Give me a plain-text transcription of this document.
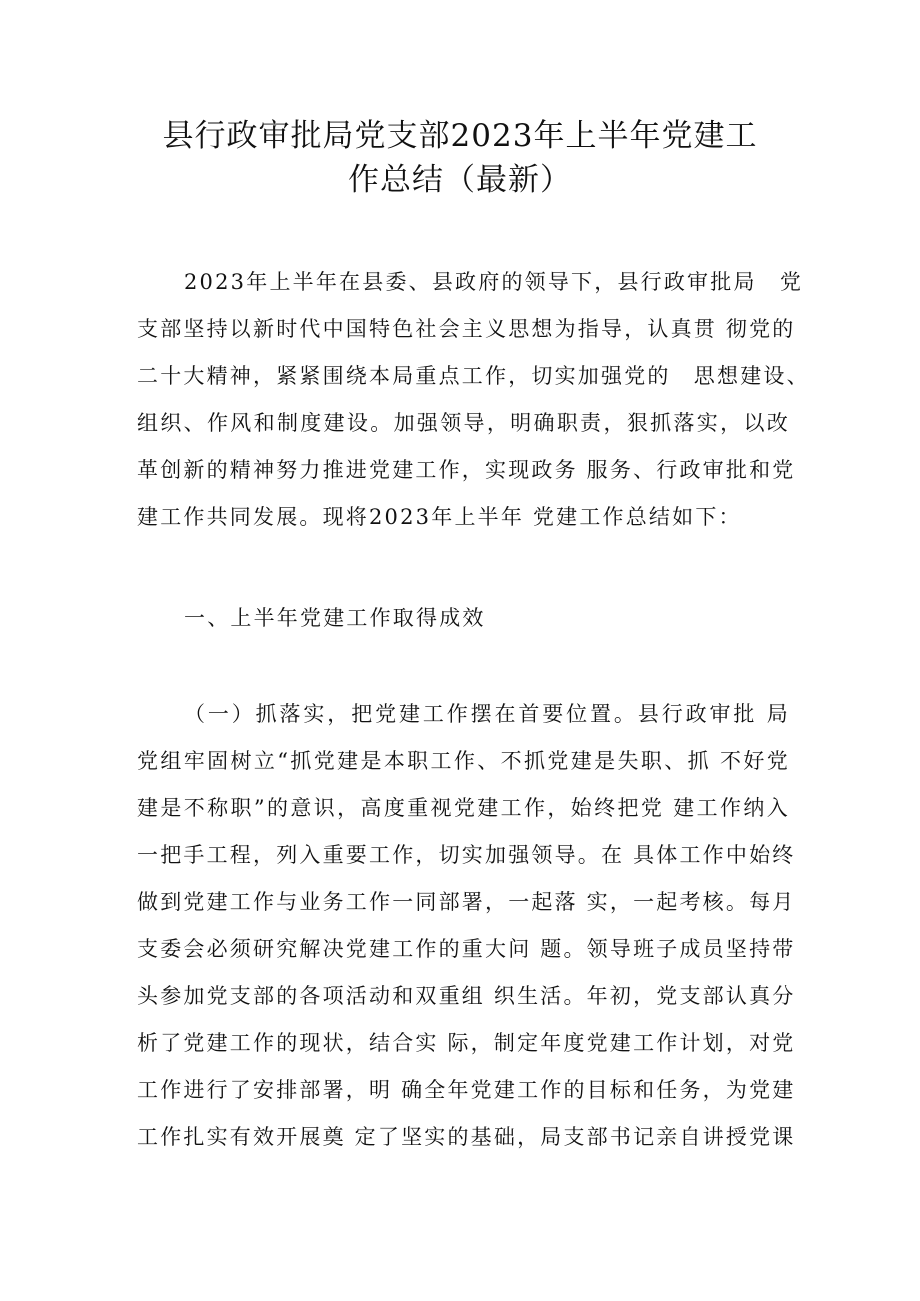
县行政审批局党支部2023年上半年党建工
作总结（最新）
2023年上半年在县委、县政府的领导下，县行政审批局　党
支部坚持以新时代中国特色社会主义思想为指导，认真贯 彻党的
二十大精神，紧紧围绕本局重点工作，切实加强党的　思想建设、
组织、作风和制度建设。加强领导，明确职责，狠抓落实，以改
革创新的精神努力推进党建工作，实现政务 服务、行政审批和党
建工作共同发展。现将2023年上半年 党建工作总结如下：
一、上半年党建工作取得成效
（一）抓落实，把党建工作摆在首要位置。县行政审批 局
党组牢固树立“抓党建是本职工作、不抓党建是失职、抓 不好党
建是不称职”的意识，高度重视党建工作，始终把党 建工作纳入
一把手工程，列入重要工作，切实加强领导。在 具体工作中始终
做到党建工作与业务工作一同部署，一起落 实，一起考核。每月
支委会必须研究解决党建工作的重大问 题。领导班子成员坚持带
头参加党支部的各项活动和双重组 织生活。年初，党支部认真分
析了党建工作的现状，结合实 际，制定年度党建工作计划，对党
工作进行了安排部署，明 确全年党建工作的目标和任务，为党建
工作扎实有效开展奠 定了坚实的基础，局支部书记亲自讲授党课
